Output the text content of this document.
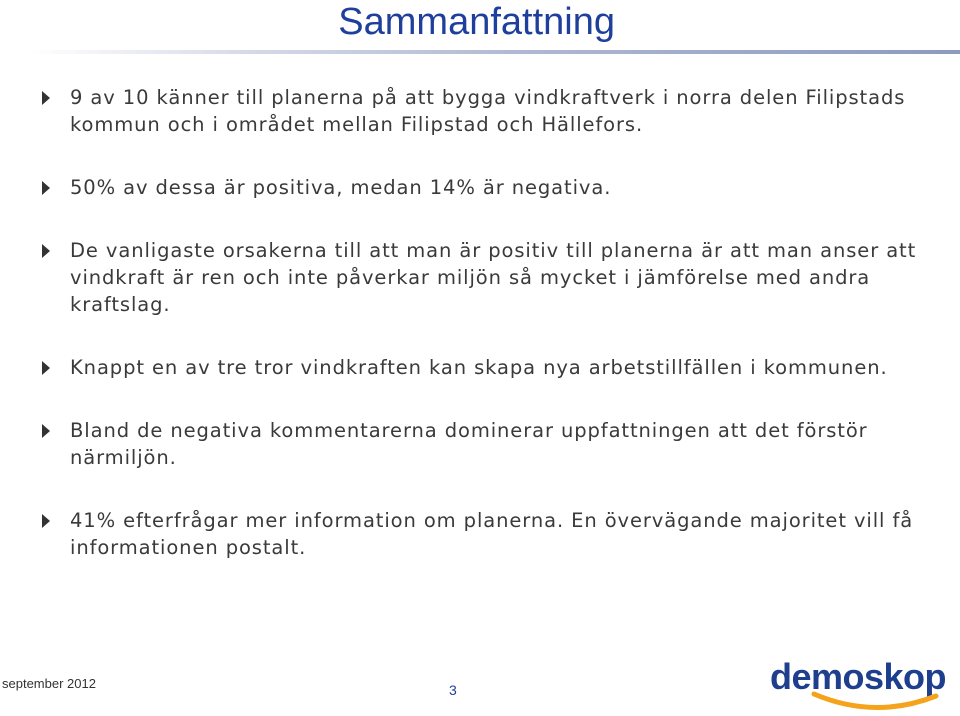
Sammanfattning
9 av 10 känner till planerna på att bygga vindkraftverk i norra delen Filipstads kommun och i området mellan Filipstad och Hällefors.
50% av dessa är positiva, medan 14% är negativa.
De vanligaste orsakerna till att man är positiv till planerna är att man anser att vindkraft är ren och inte påverkar miljön så mycket i jämförelse med andra kraftslag.
Knappt en av tre tror vindkraften kan skapa nya arbetstillfällen i kommunen.
Bland de negativa kommentarerna dominerar uppfattningen att det förstör närmiljön.
41% efterfrågar mer information om planerna. En övervägande majoritet vill få informationen postalt.
september 2012	3	demoskop
